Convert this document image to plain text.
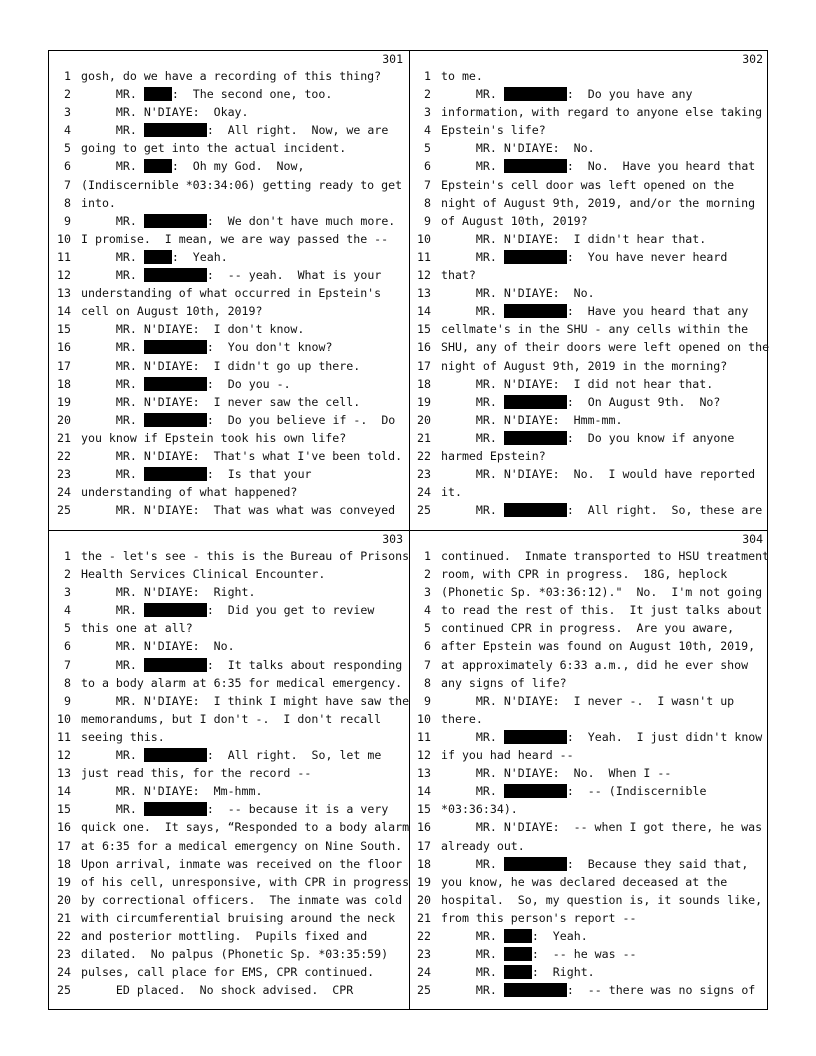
301
1 gosh, do we have a recording of this thing?
2 MR. :  The second one, too.
3 MR. N'DIAYE:  Okay.
4 MR.	:  All right.  Now, we are
5 going to get into the actual incident.
6 MR. :  Oh my God.  Now,
7 (Indiscernible *03:34:06) getting ready to get
8 into.
9 MR.	:  We don't have much more.
10 I promise.  I mean, we are way passed the --
11 MR. :  Yeah.
12 MR.	:  -- yeah.  What is your
13 understanding of what occurred in Epstein's
14 cell on August 10th, 2019?
15 MR. N'DIAYE:  I don't know.
16 MR.	:  You don't know?
17 MR. N'DIAYE:  I didn't go up there.
18 MR.	:  Do you -.
19 MR. N'DIAYE:  I never saw the cell.
20 MR.	:  Do you believe if -.  Do
21 you know if Epstein took his own life?
22 MR. N'DIAYE:  That's what I've been told.
23 MR.	:  Is that your
24 understanding of what happened?
25 MR. N'DIAYE:  That was what was conveyed
302
1 to me.
2 MR.	:  Do you have any
3 information, with regard to anyone else taking
4 Epstein's life?
5 MR. N'DIAYE:  No.
6 MR.	:  No.  Have you heard that
7 Epstein's cell door was left opened on the
8 night of August 9th, 2019, and/or the morning
9 of August 10th, 2019?
10 MR. N'DIAYE:  I didn't hear that.
11 MR.	:  You have never heard
12 that?
13 MR. N'DIAYE:  No.
14 MR.	:  Have you heard that any
15 cellmate's in the SHU - any cells within the
16 SHU, any of their doors were left opened on the
17 night of August 9th, 2019 in the morning?
18 MR. N'DIAYE:  I did not hear that.
19 MR.	:  On August 9th.  No?
20 MR. N'DIAYE:  Hmm-mm.
21 MR.	:  Do you know if anyone
22 harmed Epstein?
23 MR. N'DIAYE:  No.  I would have reported
24 it.
25 MR.	:  All right.  So, these are
303
1 the - let's see - this is the Bureau of Prisons
2 Health Services Clinical Encounter.
3 MR. N'DIAYE:  Right.
4 MR.	:  Did you get to review
5 this one at all?
6 MR. N'DIAYE:  No.
7 MR.	:  It talks about responding
8 to a body alarm at 6:35 for medical emergency.
9 MR. N'DIAYE:  I think I might have saw the
10 memorandums, but I don't -.  I don't recall
11 seeing this.
12 MR.	:  All right.  So, let me
13 just read this, for the record --
14 MR. N'DIAYE:  Mm-hmm.
15 MR.	:  -- because it is a very
16 quick one.  It says, “Responded to a body alarm
17 at 6:35 for a medical emergency on Nine South.
18 Upon arrival, inmate was received on the floor
19 of his cell, unresponsive, with CPR in progress
20 by correctional officers.  The inmate was cold
21 with circumferential bruising around the neck
22 and posterior mottling.  Pupils fixed and
23 dilated.  No palpus (Phonetic Sp. *03:35:59)
24 pulses, call place for EMS, CPR continued.
25 ED placed.  No shock advised.  CPR
304
1 continued.  Inmate transported to HSU treatment
2 room, with CPR in progress.  18G, heplock
3 (Phonetic Sp. *03:36:12)."  No.  I'm not going
4 to read the rest of this.  It just talks about
5 continued CPR in progress.  Are you aware,
6 after Epstein was found on August 10th, 2019,
7 at approximately 6:33 a.m., did he ever show
8 any signs of life?
9 MR. N'DIAYE:  I never -.  I wasn't up
10 there.
11 MR.	:  Yeah.  I just didn't know
12 if you had heard --
13 MR. N'DIAYE:  No.  When I --
14 MR.	:  -- (Indiscernible
15 *03:36:34).
16 MR. N'DIAYE:  -- when I got there, he was
17 already out.
18 MR.	:  Because they said that,
19 you know, he was declared deceased at the
20 hospital.  So, my question is, it sounds like,
21 from this person's report --
22 MR. :  Yeah.
23 MR. :  -- he was --
24 MR. :  Right.
25 MR.	:  -- there was no signs of
